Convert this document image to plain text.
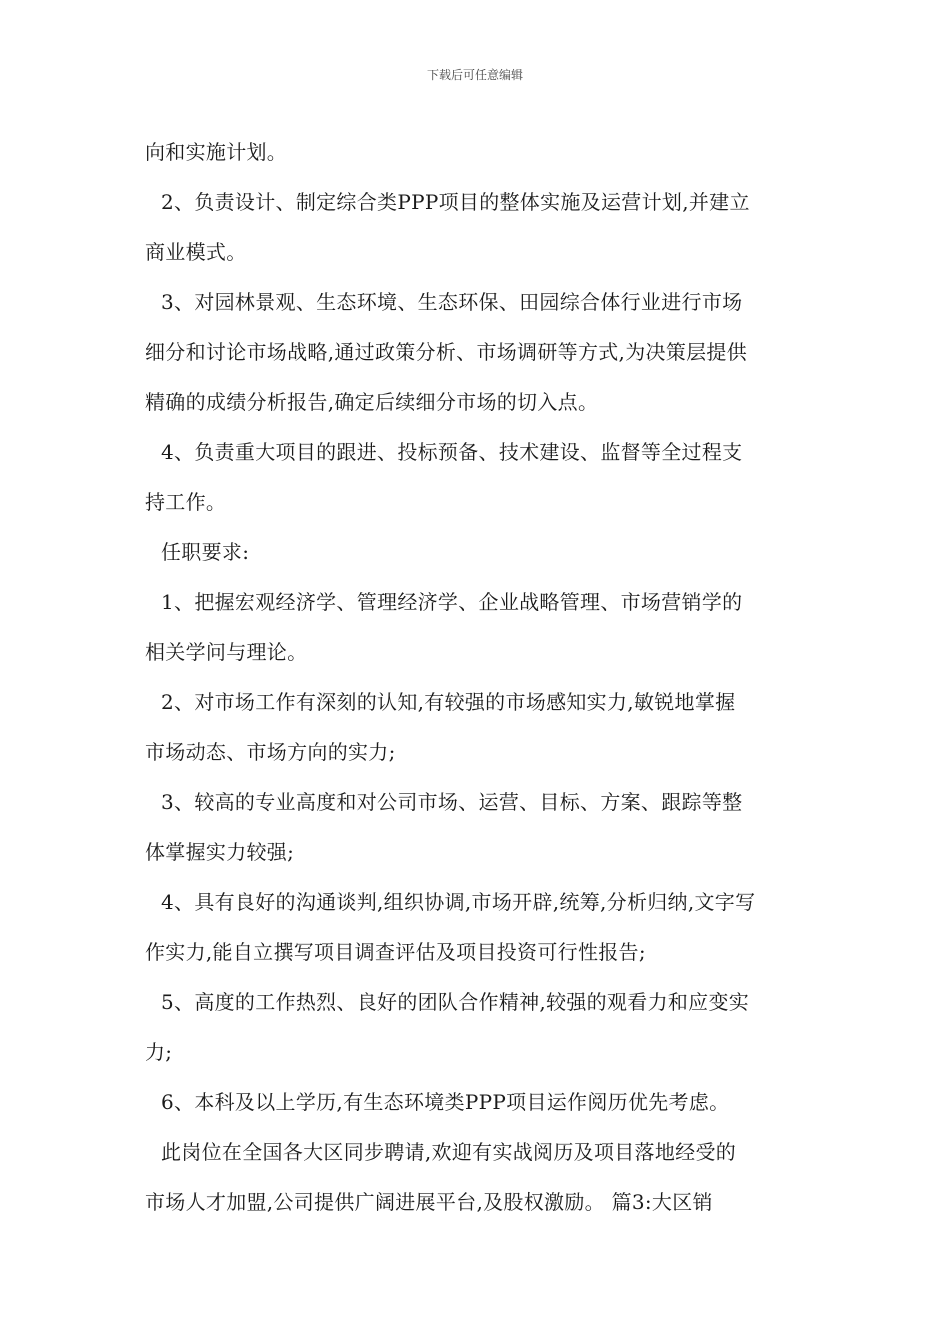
下载后可任意编辑
向和实施计划。
2、负责设计、制定综合类PPP项目的整体实施及运营计划,并建立
商业模式。
3、对园林景观、生态环境、生态环保、田园综合体行业进行市场
细分和讨论市场战略,通过政策分析、市场调研等方式,为决策层提供
精确的成绩分析报告,确定后续细分市场的切入点。
4、负责重大项目的跟进、投标预备、技术建设、监督等全过程支
持工作。
任职要求:
1、把握宏观经济学、管理经济学、企业战略管理、市场营销学的
相关学问与理论。
2、对市场工作有深刻的认知,有较强的市场感知实力,敏锐地掌握
市场动态、市场方向的实力;
3、较高的专业高度和对公司市场、运营、目标、方案、跟踪等整
体掌握实力较强;
4、具有良好的沟通谈判,组织协调,市场开辟,统筹,分析归纳,文字写
作实力,能自立撰写项目调查评估及项目投资可行性报告;
5、高度的工作热烈、良好的团队合作精神,较强的观看力和应变实
力;
6、本科及以上学历,有生态环境类PPP项目运作阅历优先考虑。
此岗位在全国各大区同步聘请,欢迎有实战阅历及项目落地经受的
市场人才加盟,公司提供广阔进展平台,及股权激励。 篇3:大区销
